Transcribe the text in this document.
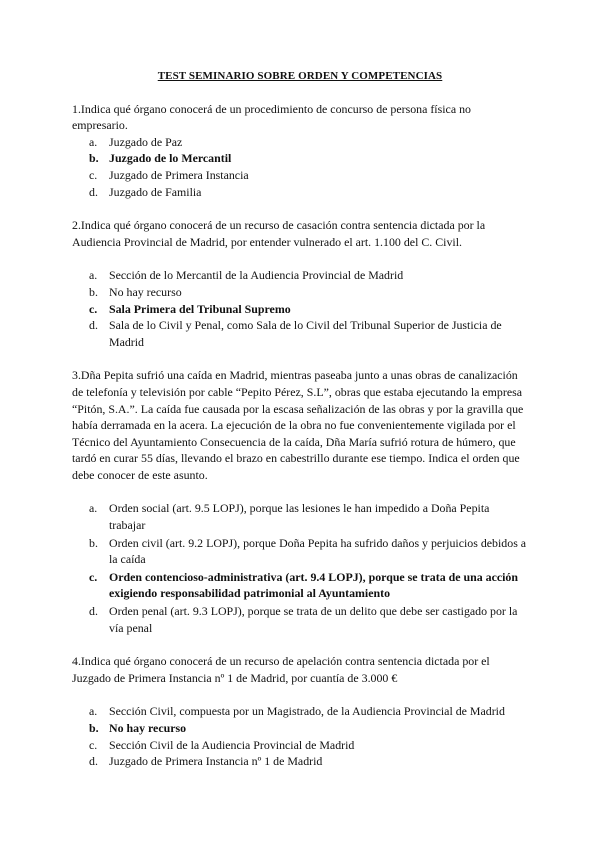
TEST SEMINARIO SOBRE ORDEN Y COMPETENCIAS

1.Indica qué órgano conocerá de un procedimiento de concurso de persona física no empresario.

a. Juzgado de Paz
b. Juzgado de lo Mercantil
c. Juzgado de Primera Instancia
d. Juzgado de Familia

2.Indica qué órgano conocerá de un recurso de casación contra sentencia dictada por la Audiencia Provincial de Madrid, por entender vulnerado el art. 1.100 del C. Civil.

a. Sección de lo Mercantil de la Audiencia Provincial de Madrid
b. No hay recurso
c. Sala Primera del Tribunal Supremo
d. Sala de lo Civil y Penal, como Sala de lo Civil del Tribunal Superior de Justicia de Madrid

3.Dña Pepita sufrió una caída en Madrid, mientras paseaba junto a unas obras de canalización de telefonía y televisión por cable “Pepito Pérez, S.L”, obras que estaba ejecutando la empresa “Pitón, S.A.”. La caída fue causada por la escasa señalización de las obras y por la gravilla que había derramada en la acera. La ejecución de la obra no fue convenientemente vigilada por el Técnico del Ayuntamiento Consecuencia de la caída, Dña María sufrió rotura de húmero, que tardó en curar 55 días, llevando el brazo en cabestrillo durante ese tiempo. Indica el orden que debe conocer de este asunto.

a. Orden social (art. 9.5 LOPJ), porque las lesiones le han impedido a Doña Pepita trabajar
b. Orden civil (art. 9.2 LOPJ), porque Doña Pepita ha sufrido daños y perjuicios debidos a la caída
c. Orden contencioso-administrativa (art. 9.4 LOPJ), porque se trata de una acción exigiendo responsabilidad patrimonial al Ayuntamiento
d. Orden penal (art. 9.3 LOPJ), porque se trata de un delito que debe ser castigado por la vía penal

4.Indica qué órgano conocerá de un recurso de apelación contra sentencia dictada por el Juzgado de Primera Instancia nº 1 de Madrid, por cuantía de 3.000 €

a. Sección Civil, compuesta por un Magistrado, de la Audiencia Provincial de Madrid
b. No hay recurso
c. Sección Civil de la Audiencia Provincial de Madrid
d. Juzgado de Primera Instancia nº 1 de Madrid
